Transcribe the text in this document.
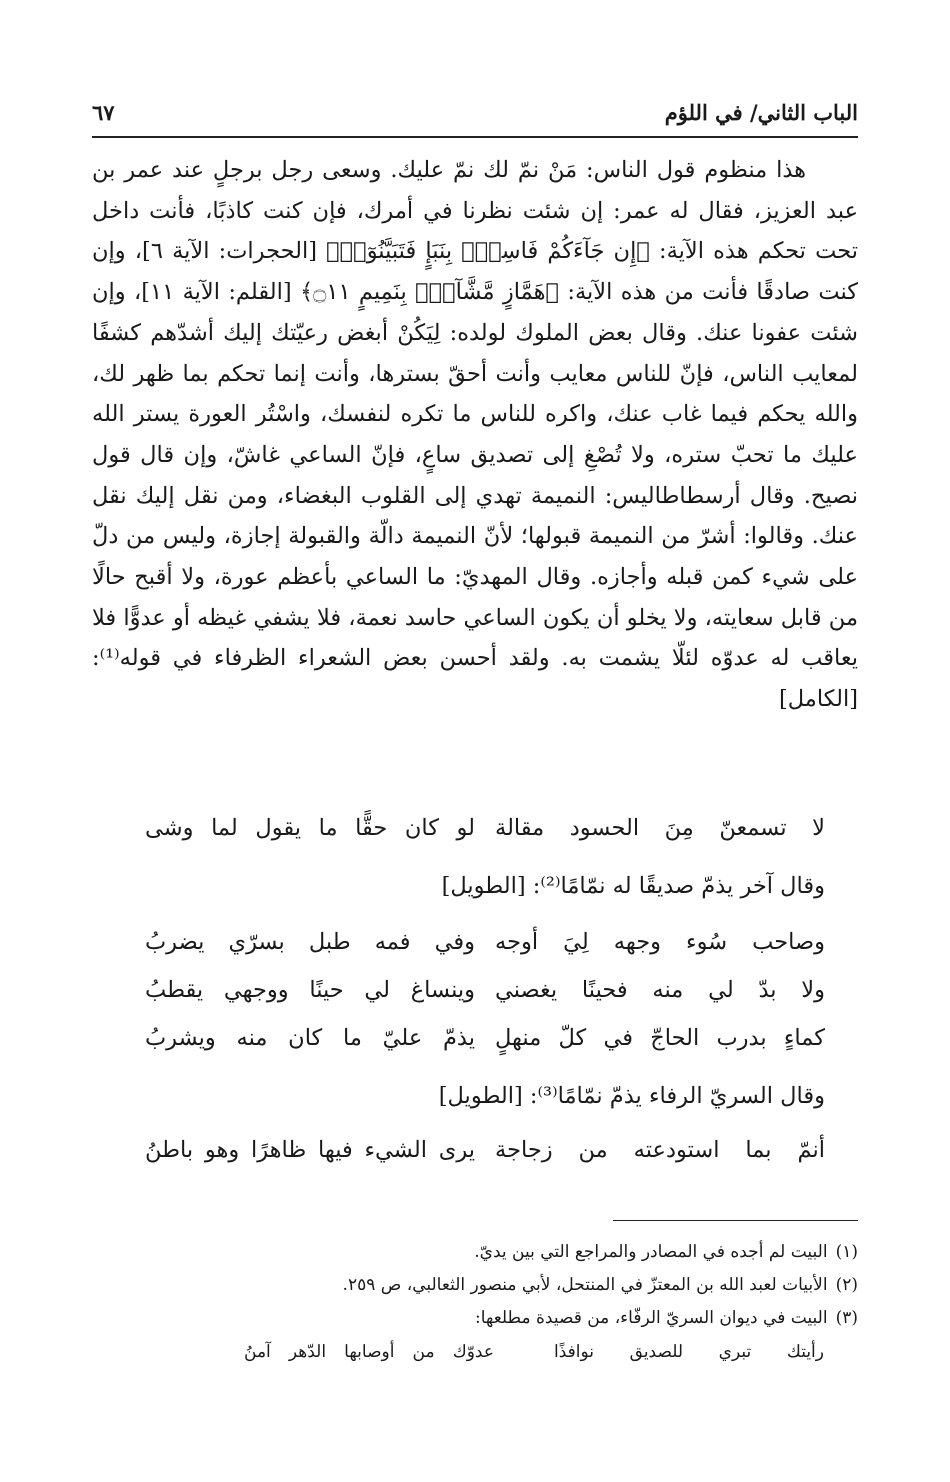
الباب الثاني/ في اللؤم
٦٧

هذا منظوم قول الناس: مَنْ نمّ لك نمّ عليك. وسعى رجل برجلٍ عند عمر بن عبد العزيز، فقال له عمر: إن شئت نظرنا في أمرك، فإن كنت كاذبًا، فأنت داخل تحت تحكم هذه الآية: ﴿إِن جَآءَكُمْ فَاسِقٌۢ بِنَبَإٍ فَتَبَيَّنُوٓا۟﴾ [الحجرات: الآية ٦]، وإن كنت صادقًا فأنت من هذه الآية: ﴿هَمَّازٍ مَّشَّآءٍۭ بِنَمِيمٍ ۝١١﴾ [القلم: الآية ١١]، وإن شئت عفونا عنك. وقال بعض الملوك لولده: لِيَكُنْ أبغض رعيّتك إليك أشدّهم كشفًا لمعايب الناس، فإنّ للناس معايب وأنت أحقّ بسترها، وأنت إنما تحكم بما ظهر لك، والله يحكم فيما غاب عنك، واكره للناس ما تكره لنفسك، واسْتُر العورة يستر الله عليك ما تحبّ ستره، ولا تُصْغِ إلى تصديق ساعٍ، فإنّ الساعي غاشّ، وإن قال قول نصيح. وقال أرسطاطاليس: النميمة تهدي إلى القلوب البغضاء، ومن نقل إليك نقل عنك. وقالوا: أشرّ من النميمة قبولها؛ لأنّ النميمة دالّة والقبولة إجازة، وليس من دلّ على شيء كمن قبله وأجازه. وقال المهديّ: ما الساعي بأعظم عورة، ولا أقبح حالًا من قابل سعايته، ولا يخلو أن يكون الساعي حاسد نعمة، فلا يشفي غيظه أو عدوًّا فلا يعاقب له عدوّه لئلّا يشمت به. ولقد أحسن بعض الشعراء الظرفاء في قوله⁽¹⁾: [الكامل]

لا تسمعنّ مِنَ الحسود مقالة
لو كان حقًّا ما يقول لما وشى
وقال آخر يذمّ صديقًا له نمّامًا⁽²⁾: [الطويل]
وصاحب سُوء وجهه لِيَ أوجه
وفي فمه طبل بسرّي يضربُ
ولا بدّ لي منه فحينًا يغصني
وينساغ لي حينًا ووجهي يقطبُ
كماءٍ بدرب الحاجّ في كلّ منهلٍ
يذمّ عليّ ما كان منه ويشربُ
وقال السريّ الرفاء يذمّ نمّامًا⁽³⁾: [الطويل]
أنمّ بما استودعته من زجاجة
يرى الشيء فيها ظاهرًا وهو باطنُ

(١)البيت لم أجده في المصادر والمراجع التي بين يديّ.

(٢)الأبيات لعبد الله بن المعتزّ في المنتحل، لأبي منصور الثعالبي، ص ٢٥٩.

(٣)البيت في ديوان السريّ الرفّاء، من قصيدة مطلعها:

رأيتك تبري للصديق نوافذًا
عدوّك من أوصابها الدّهر آمنُ
